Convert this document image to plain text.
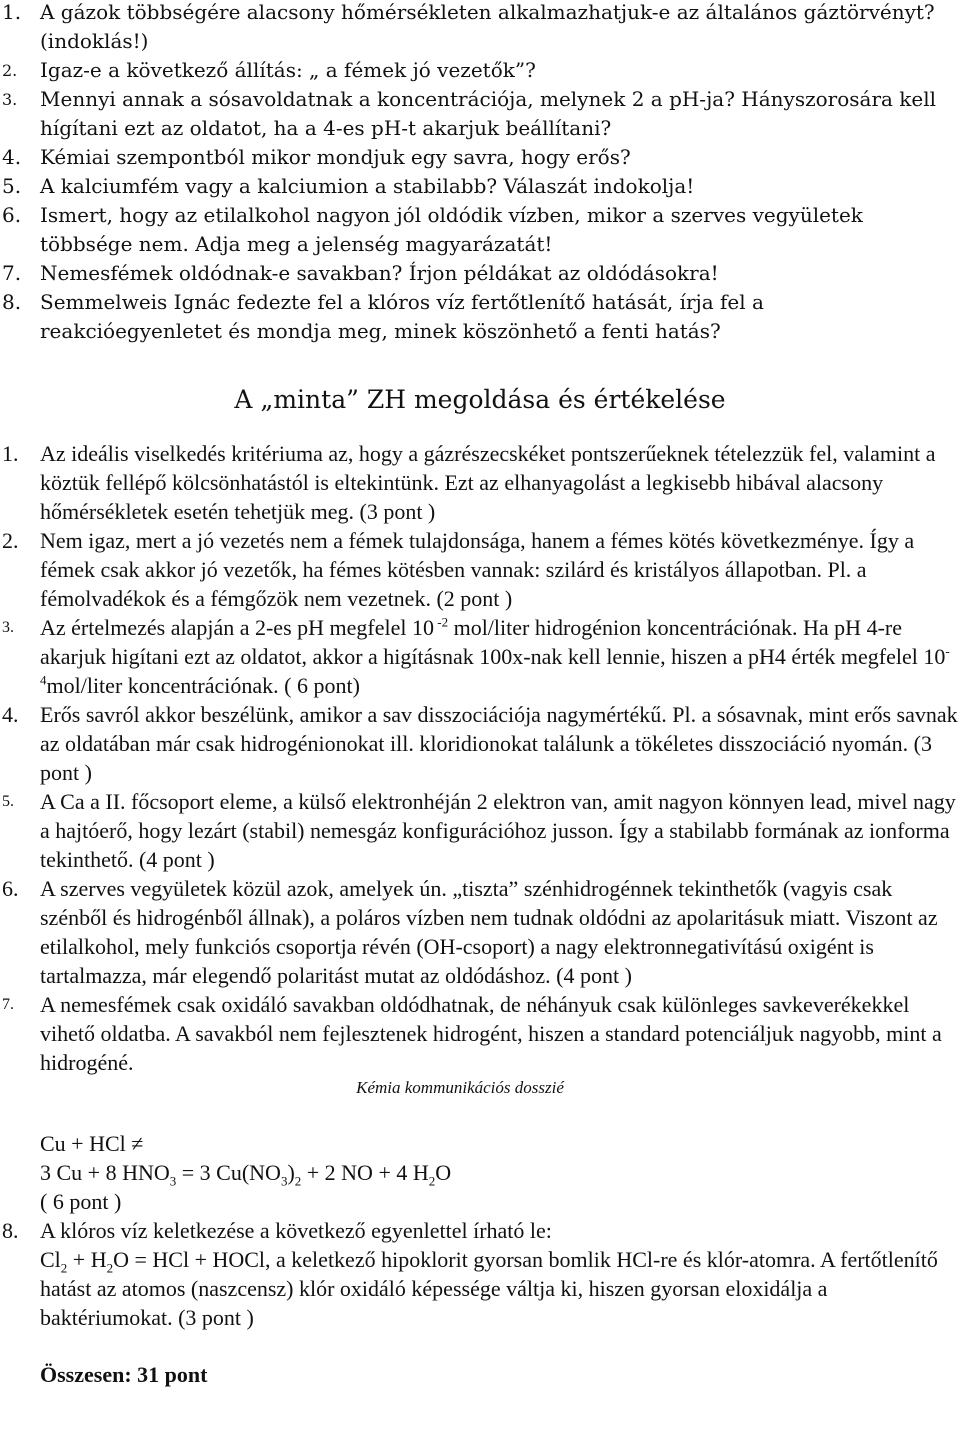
1. A gázok többségére alacsony hőmérsékleten alkalmazhatjuk-e az általános gáztörvényt? (indoklás!)
2. Igaz-e a következő állítás: „ a fémek jó vezetők”?
3. Mennyi annak a sósavoldatnak a koncentrációja, melynek 2 a pH-ja? Hányszorosára kell hígítani ezt az oldatot, ha a 4-es pH-t akarjuk beállítani?
4. Kémiai szempontból mikor mondjuk egy savra, hogy erős?
5. A kalciumfém vagy a kalciumion a stabilabb? Válaszát indokolja!
6. Ismert, hogy az etilalkohol nagyon jól oldódik vízben, mikor a szerves vegyületek többsége nem. Adja meg a jelenség magyarázatát!
7. Nemesfémek oldódnak-e savakban? Írjon példákat az oldódásokra!
8. Semmelweis Ignác fedezte fel a klóros víz fertőtlenítő hatását, írja fel a reakcióegyenletet és mondja meg, minek köszönhető a fenti hatás?
A „minta” ZH megoldása és értékelése
1. Az ideális viselkedés kritériuma az, hogy a gázrészecskéket pontszerűeknek tételezzük fel, valamint a köztük fellépő kölcsönhatástól is eltekintünk. Ezt az elhanyagolást a legkisebb hibával alacsony hőmérsékletek esetén tehetjük meg. (3 pont )
2. Nem igaz, mert a jó vezetés nem a fémek tulajdonsága, hanem a fémes kötés következménye. Így a fémek csak akkor jó vezetők, ha fémes kötésben vannak: szilárd és kristályos állapotban. Pl. a fémolvadékok és a fémgőzök nem vezetnek. (2 pont )
3. Az értelmezés alapján a 2-es pH megfelel 10 $^{-2}$ mol/liter hidrogénion koncentrációnak. Ha pH 4-re akarjuk higítani ezt az oldatot, akkor a higításnak 100x-nak kell lennie, hiszen a pH4 érték megfelel $10^{-4}mol$/liter koncentrációnak. ( 6 pont)
4. Erős savról akkor beszélünk, amikor a sav disszociációja nagymértékű. Pl. a sósavnak, mint erős savnak az oldatában már csak hidrogénionokat ill. kloridionokat találunk a tökéletes disszociáció nyomán. (3 pont )
5. A Ca a II. főcsoport eleme, a külső elektronhéján 2 elektron van, amit nagyon könnyen lead, mivel nagy a hajtóerő, hogy lezárt (stabil) nemesgáz konfigurációhoz jusson. Így a stabilabb formának az ionforma tekinthető. (4 pont )
6. A szerves vegyületek közül azok, amelyek ún. „tiszta” szénhidrogénnek tekinthetők (vagyis csak szénből és hidrogénből állnak), a poláros vízben nem tudnak oldódni az apolaritásuk miatt. Viszont az etilalkohol, mely funkciós csoportja révén (OH-csoport) a nagy elektronnegativítású oxigént is tartalmazza, már elegendő polaritást mutat az oldódáshoz. (4 pont )
7. A nemesfémek csak oxidáló savakban oldódhatnak, de néhányuk csak különleges savkeverékekkel vihető oldatba. A savakból nem fejlesztenek hidrogént, hiszen a standard potenciáljuk nagyobb, mint a hidrogéné.

Kémia kommunikációs dosszié

Cu + HCl ≠
3 Cu + 8 $HNO_3 = 3$ $Cu(NO_3)_2 + 2$ NO + 4 $H_2O$
( 6 pont )
8. A klóros víz keletkezése a következő egyenlettel írható le:
$Cl_2 + H_2O$ = HCl + HOCl, a keletkező hipoklorit gyorsan bomlik HCl-re és klór-atomra. A fertőtlenítő hatást az atomos (naszcensz) klór oxidáló képessége váltja ki, hiszen gyorsan eloxidálja a baktériumokat. (3 pont )
Összesen: 31 pont
